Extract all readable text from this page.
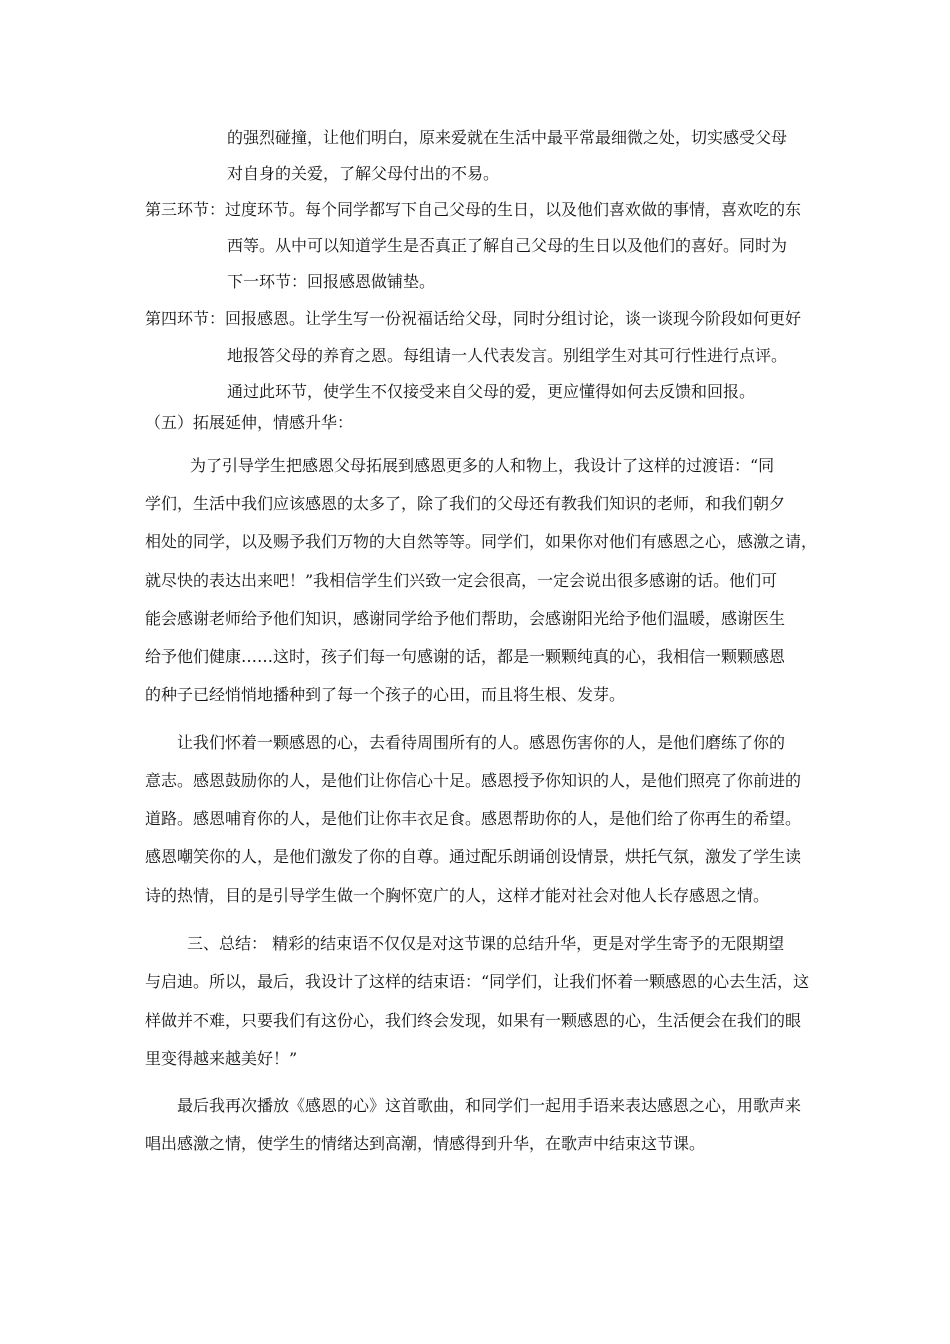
的强烈碰撞，让他们明白，原来爱就在生活中最平常最细微之处，切实感受父母
对自身的关爱，了解父母付出的不易。
第三环节：过度环节。每个同学都写下自己父母的生日，以及他们喜欢做的事情，喜欢吃的东
西等。从中可以知道学生是否真正了解自己父母的生日以及他们的喜好。同时为
下一环节：回报感恩做铺垫。
第四环节：回报感恩。让学生写一份祝福话给父母，同时分组讨论，谈一谈现今阶段如何更好
地报答父母的养育之恩。每组请一人代表发言。别组学生对其可行性进行点评。
通过此环节，使学生不仅接受来自父母的爱，更应懂得如何去反馈和回报。
（五）拓展延伸，情感升华：
为了引导学生把感恩父母拓展到感恩更多的人和物上，我设计了这样的过渡语：“同
学们，生活中我们应该感恩的太多了，除了我们的父母还有教我们知识的老师，和我们朝夕
相处的同学，以及赐予我们万物的大自然等等。同学们，如果你对他们有感恩之心，感激之请，
就尽快的表达出来吧！”我相信学生们兴致一定会很高，一定会说出很多感谢的话。他们可
能会感谢老师给予他们知识，感谢同学给予他们帮助，会感谢阳光给予他们温暖，感谢医生
给予他们健康……这时，孩子们每一句感谢的话，都是一颗颗纯真的心，我相信一颗颗感恩
的种子已经悄悄地播种到了每一个孩子的心田，而且将生根、发芽。
让我们怀着一颗感恩的心，去看待周围所有的人。感恩伤害你的人，是他们磨练了你的
意志。感恩鼓励你的人，是他们让你信心十足。感恩授予你知识的人，是他们照亮了你前进的
道路。感恩哺育你的人，是他们让你丰衣足食。感恩帮助你的人，是他们给了你再生的希望。
感恩嘲笑你的人，是他们激发了你的自尊。通过配乐朗诵创设情景，烘托气氛，激发了学生读
诗的热情，目的是引导学生做一个胸怀宽广的人，这样才能对社会对他人长存感恩之情。
三、总结： 精彩的结束语不仅仅是对这节课的总结升华，更是对学生寄予的无限期望
与启迪。所以，最后，我设计了这样的结束语：“同学们，让我们怀着一颗感恩的心去生活，这
样做并不难，只要我们有这份心，我们终会发现，如果有一颗感恩的心，生活便会在我们的眼
里变得越来越美好！”
最后我再次播放《感恩的心》这首歌曲，和同学们一起用手语来表达感恩之心，用歌声来
唱出感激之情，使学生的情绪达到高潮，情感得到升华，在歌声中结束这节课。
